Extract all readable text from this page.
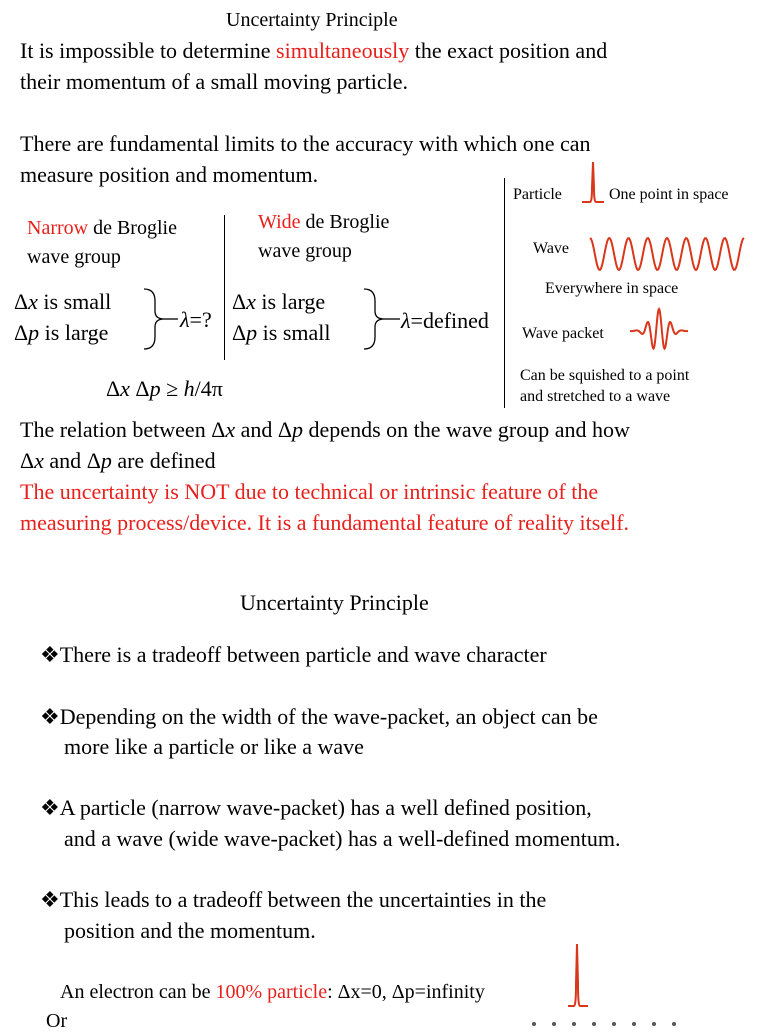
Uncertainty Principle
It is impossible to determine simultaneously the exact position and
their momentum of a small moving particle.
There are fundamental limits to the accuracy with which one can
measure position and momentum.
Narrow de Broglie
wave group
Wide de Broglie
wave group
Δx is small
Δp is large
λ=?
Δx is large
Δp is small	λ=defined
Δx Δp ≥ h/4π
Particle	One point in space
Wave
Everywhere in space
Wave packet
Can be squished to a point
and stretched to a wave
The relation between Δx and Δp depends on the wave group and how
Δx and Δp are defined
The uncertainty is NOT due to technical or intrinsic feature of the
measuring process/device. It is a fundamental feature of reality itself.
Uncertainty Principle
❖There is a tradeoff between particle and wave character
❖Depending on the width of the wave-packet, an object can be
more like a particle or like a wave
❖A particle (narrow wave-packet) has a well defined position,
and a wave (wide wave-packet) has a well-defined momentum.
❖This leads to a tradeoff between the uncertainties in the
position and the momentum.
An electron can be 100% particle: Δx=0, Δp=infinity
Or
